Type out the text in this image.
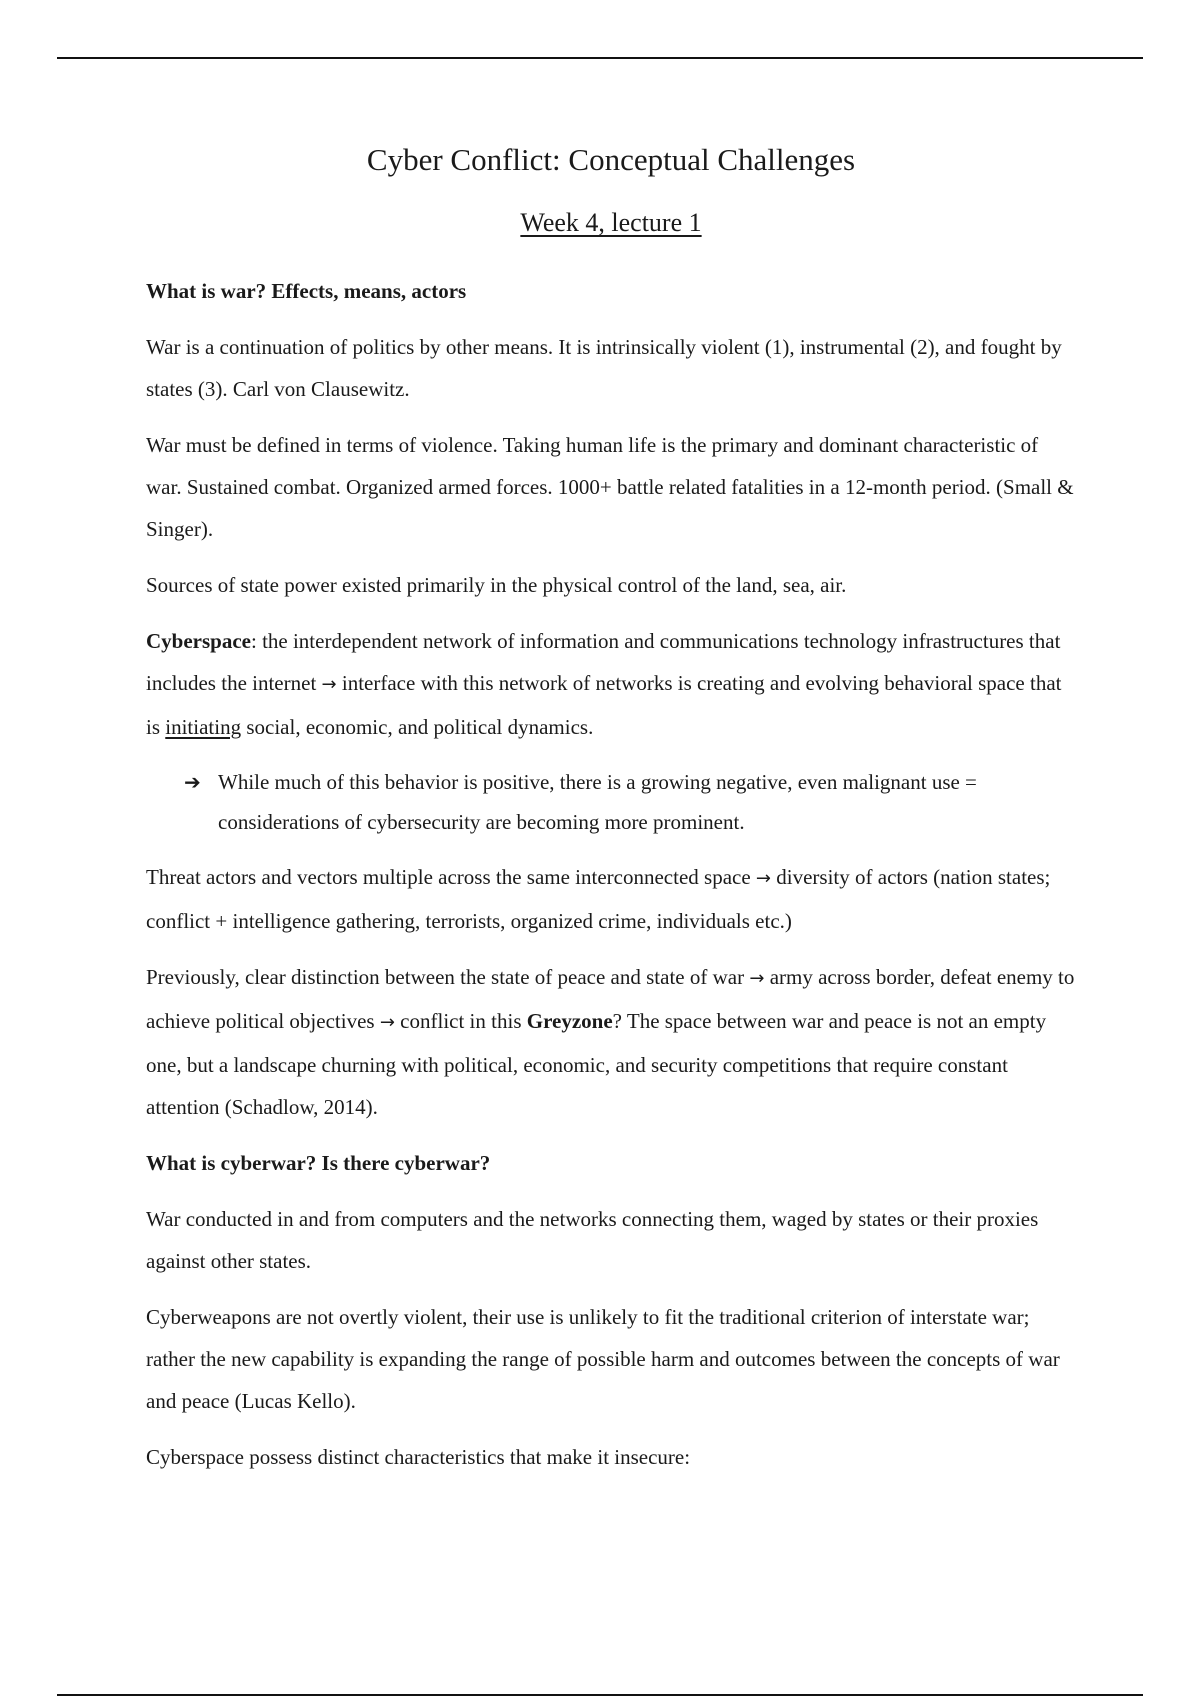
Cyber Conflict: Conceptual Challenges
Week 4, lecture 1
What is war? Effects, means, actors

War is a continuation of politics by other means. It is intrinsically violent (1), instrumental (2), and fought by states (3). Carl von Clausewitz.

War must be defined in terms of violence. Taking human life is the primary and dominant characteristic of war. Sustained combat. Organized armed forces. 1000+ battle related fatalities in a 12-month period. (Small & Singer).

Sources of state power existed primarily in the physical control of the land, sea, air.

Cyberspace: the interdependent network of information and communications technology infrastructures that includes the internet → interface with this network of networks is creating and evolving behavioral space that is initiating social, economic, and political dynamics.

➔ While much of this behavior is positive, there is a growing negative, even malignant use = considerations of cybersecurity are becoming more prominent.

Threat actors and vectors multiple across the same interconnected space → diversity of actors (nation states; conflict + intelligence gathering, terrorists, organized crime, individuals etc.)

Previously, clear distinction between the state of peace and state of war → army across border, defeat enemy to achieve political objectives → conflict in this Greyzone? The space between war and peace is not an empty one, but a landscape churning with political, economic, and security competitions that require constant attention (Schadlow, 2014).

What is cyberwar? Is there cyberwar?

War conducted in and from computers and the networks connecting them, waged by states or their proxies against other states.

Cyberweapons are not overtly violent, their use is unlikely to fit the traditional criterion of interstate war; rather the new capability is expanding the range of possible harm and outcomes between the concepts of war and peace (Lucas Kello).

Cyberspace possess distinct characteristics that make it insecure:
